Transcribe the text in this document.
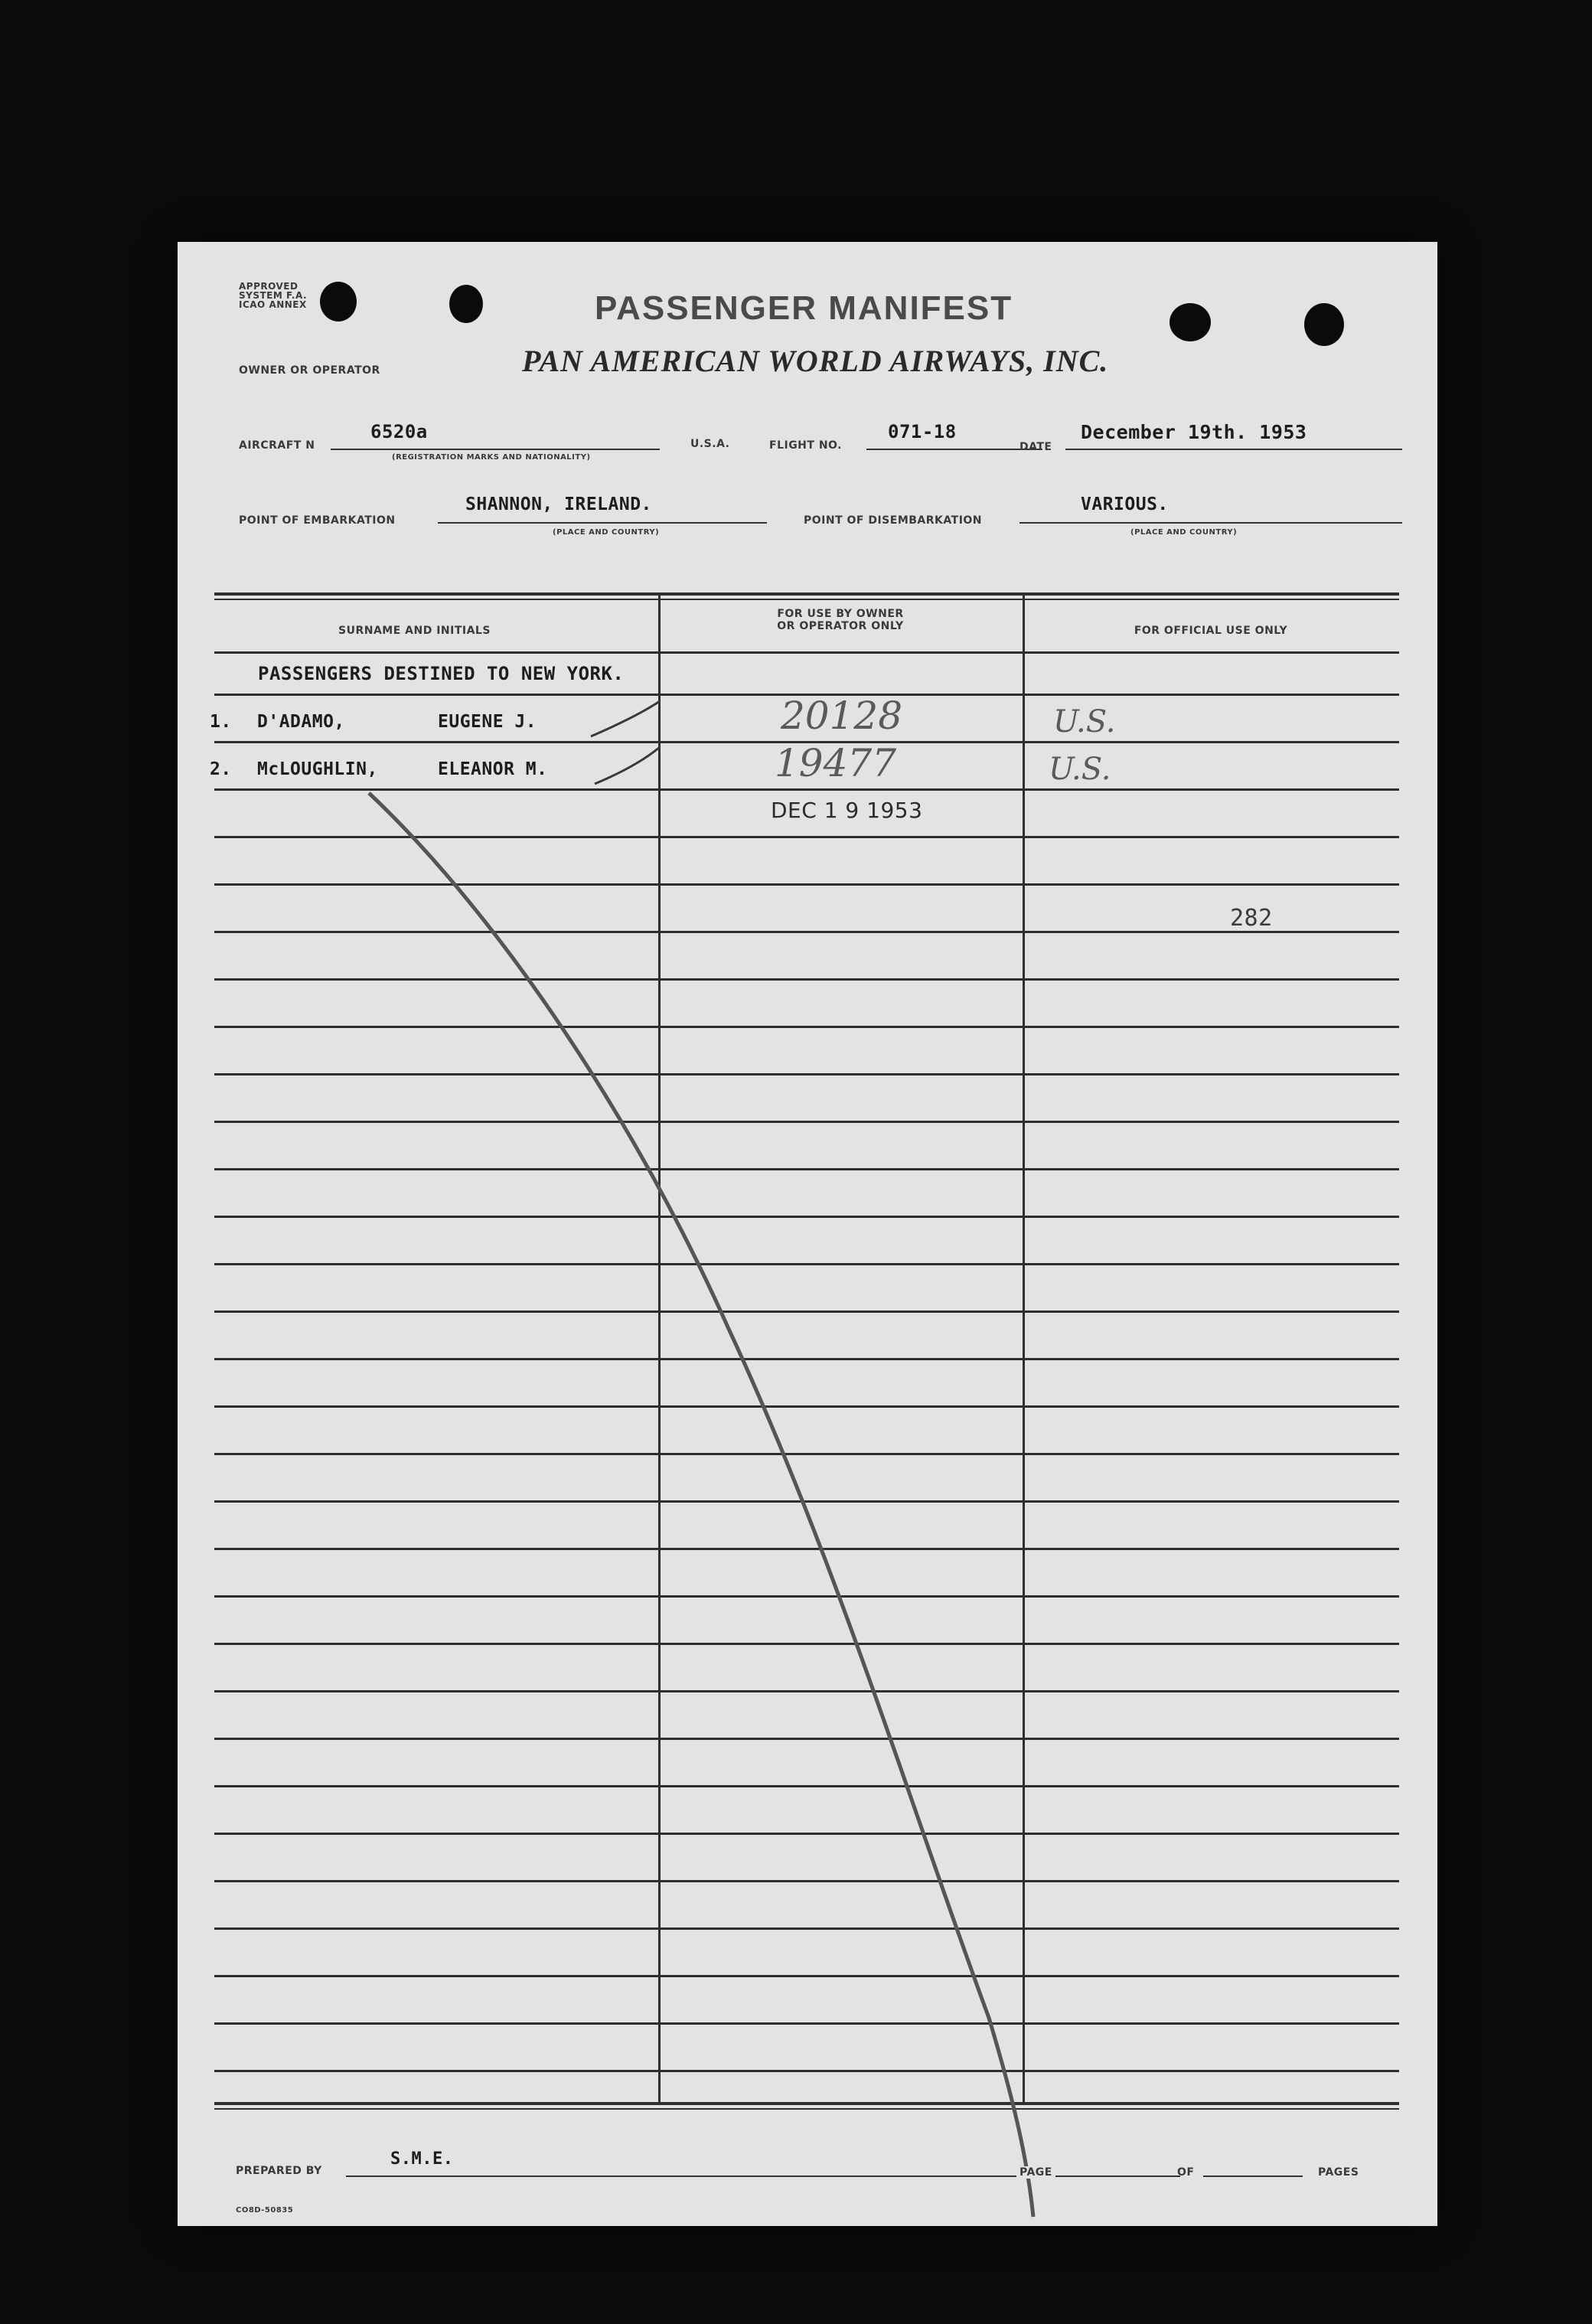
APPROVED
SYSTEM F.A.
ICAO ANNEX	PASSENGER MANIFEST
OWNER OR OPERATOR	PAN AMERICAN WORLD AIRWAYS, INC.
AIRCRAFT N
6520a
(REGISTRATION MARKS AND NATIONALITY)
U.S.A.	FLIGHT NO.
071-18
DATE
December 19th. 1953
POINT OF EMBARKATION
SHANNON, IRELAND.
(PLACE AND COUNTRY)
POINT OF DISEMBARKATION
VARIOUS.
(PLACE AND COUNTRY)
SURNAME AND INITIALS
FOR USE BY OWNER
OR OPERATOR ONLY	FOR OFFICIAL USE ONLY
PASSENGERS DESTINED TO NEW YORK.
1. D'ADAMO,	EUGENE J.	20128	U.S.
2. McLOUGHLIN,	ELEANOR M.	19477	U.S.
DEC 1 9 1953
282
PREPARED BY
S.M.E.
PAGE	OF	PAGES
CO8D-50835
